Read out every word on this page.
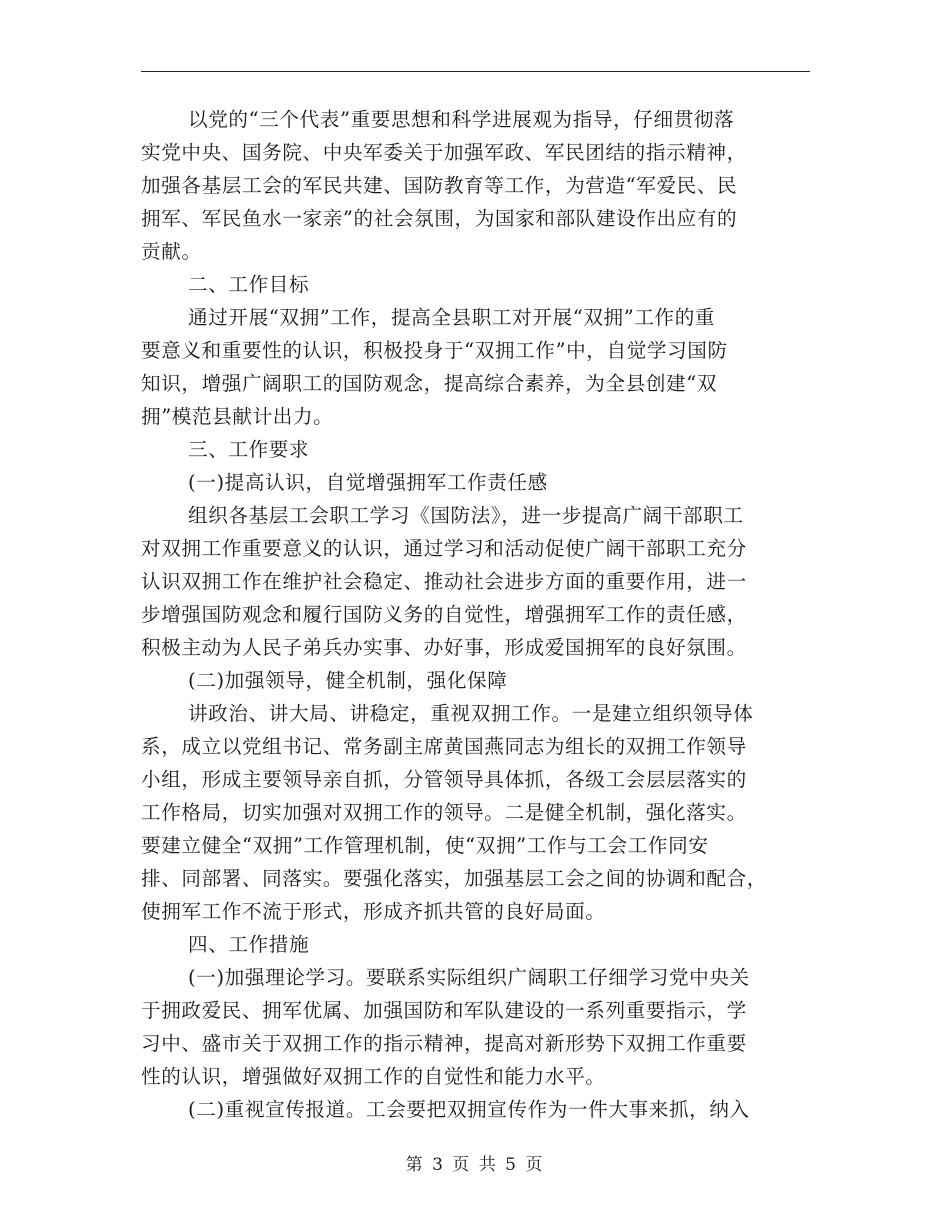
以党的“三个代表”重要思想和科学进展观为指导，仔细贯彻落
实党中央、国务院、中央军委关于加强军政、军民团结的指示精神，
加强各基层工会的军民共建、国防教育等工作，为营造“军爱民、民
拥军、军民鱼水一家亲”的社会氛围，为国家和部队建设作出应有的
贡献。
二、工作目标
通过开展“双拥”工作，提高全县职工对开展“双拥”工作的重
要意义和重要性的认识，积极投身于“双拥工作”中，自觉学习国防
知识，增强广阔职工的国防观念，提高综合素养，为全县创建“双
拥”模范县献计出力。
三、工作要求
(一)提高认识，自觉增强拥军工作责任感
组织各基层工会职工学习《国防法》，进一步提高广阔干部职工
对双拥工作重要意义的认识，通过学习和活动促使广阔干部职工充分
认识双拥工作在维护社会稳定、推动社会进步方面的重要作用，进一
步增强国防观念和履行国防义务的自觉性，增强拥军工作的责任感，
积极主动为人民子弟兵办实事、办好事，形成爱国拥军的良好氛围。
(二)加强领导，健全机制，强化保障
讲政治、讲大局、讲稳定，重视双拥工作。一是建立组织领导体
系，成立以党组书记、常务副主席黄国燕同志为组长的双拥工作领导
小组，形成主要领导亲自抓，分管领导具体抓，各级工会层层落实的
工作格局，切实加强对双拥工作的领导。二是健全机制，强化落实。
要建立健全“双拥”工作管理机制，使“双拥”工作与工会工作同安
排、同部署、同落实。要强化落实，加强基层工会之间的协调和配合，
使拥军工作不流于形式，形成齐抓共管的良好局面。
四、工作措施
(一)加强理论学习。要联系实际组织广阔职工仔细学习党中央关
于拥政爱民、拥军优属、加强国防和军队建设的一系列重要指示，学
习中、盛市关于双拥工作的指示精神，提高对新形势下双拥工作重要
性的认识，增强做好双拥工作的自觉性和能力水平。
(二)重视宣传报道。工会要把双拥宣传作为一件大事来抓，纳入
第 3 页 共 5 页
